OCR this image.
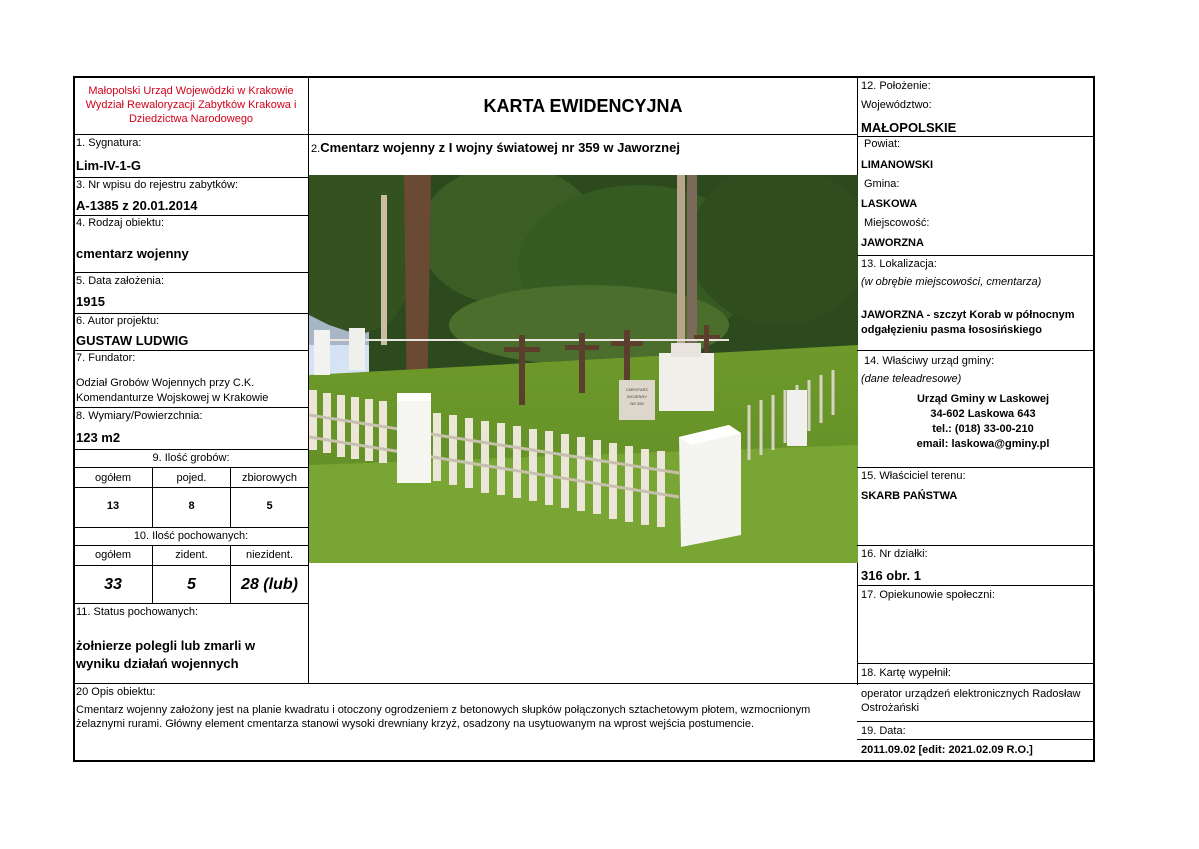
Małopolski Urząd Wojewódzki w Krakowie
Wydział Rewaloryzacji Zabytków Krakowa i
Dziedzictwa Narodowego
1. Sygnatura:
Lim-IV-1-G
3. Nr wpisu do rejestru zabytków:
A-1385 z 20.01.2014
4. Rodzaj obiektu:
cmentarz wojenny
5. Data założenia:
1915
6. Autor projektu:
GUSTAW LUDWIG
7. Fundator:
Odział Grobów Wojennych przy C.K.
Komendanturze Wojskowej w Krakowie
8. Wymiary/Powierzchnia:
123 m2
9. Ilość grobów:
ogółem	pojed.	zbiorowych
13	8	5
10. Ilość pochowanych:
ogółem	zident.	niezident.
33	5	28 (lub)
11. Status pochowanych:
żołnierze polegli lub zmarli w
wyniku działań wojennych
KARTA EWIDENCYJNA
2.Cmentarz wojenny z I wojny światowej nr 359 w Jaworznej
CMENTARZ
WOJENNY
NR 359
12. Położenie:
Województwo:
MAŁOPOLSKIE
Powiat:
LIMANOWSKI
Gmina:
LASKOWA
Miejscowość:
JAWORZNA
13. Lokalizacja:
(w obrębie miejscowości, cmentarza)
JAWORZNA - szczyt Korab w północnym
odgałęzieniu pasma łososińskiego
14. Właściwy urząd gminy:
(dane teleadresowe)
Urząd Gminy w Laskowej
34-602 Laskowa 643
tel.: (018) 33-00-210
email: laskowa@gminy.pl
15. Właściciel terenu:
SKARB PAŃSTWA
16. Nr działki:
316 obr. 1
17. Opiekunowie społeczni:
18. Kartę wypełnił:
operator urządzeń elektronicznych Radosław
Ostrożański
19. Data:
2011.09.02 [edit: 2021.02.09 R.O.]
20 Opis obiektu:
Cmentarz wojenny założony jest na planie kwadratu i otoczony ogrodzeniem z betonowych słupków połączonych sztachetowym płotem, wzmocnionym
żelaznymi rurami. Główny element cmentarza stanowi wysoki drewniany krzyż, osadzony na usytuowanym na wprost wejścia postumencie.
